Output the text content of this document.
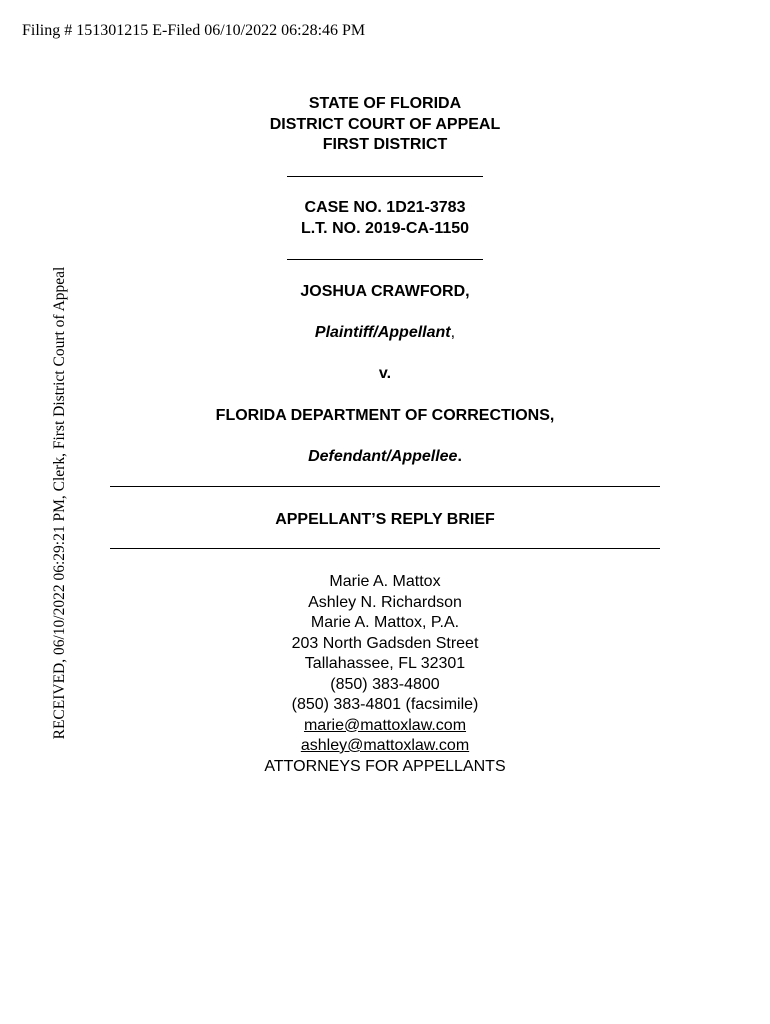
Filing # 151301215 E-Filed 06/10/2022 06:28:46 PM
RECEIVED, 06/10/2022 06:29:21 PM, Clerk, First District Court of Appeal
STATE OF FLORIDA
DISTRICT COURT OF APPEAL
FIRST DISTRICT
CASE NO. 1D21-3783
L.T. NO. 2019-CA-1150
JOSHUA CRAWFORD,
Plaintiff/Appellant,
v.
FLORIDA DEPARTMENT OF CORRECTIONS,
Defendant/Appellee.
APPELLANT’S REPLY BRIEF
Marie A. Mattox
Ashley N. Richardson
Marie A. Mattox, P.A.
203 North Gadsden Street
Tallahassee, FL 32301
(850) 383-4800
(850) 383-4801 (facsimile)
marie@mattoxlaw.com
ashley@mattoxlaw.com
ATTORNEYS FOR APPELLANTS
